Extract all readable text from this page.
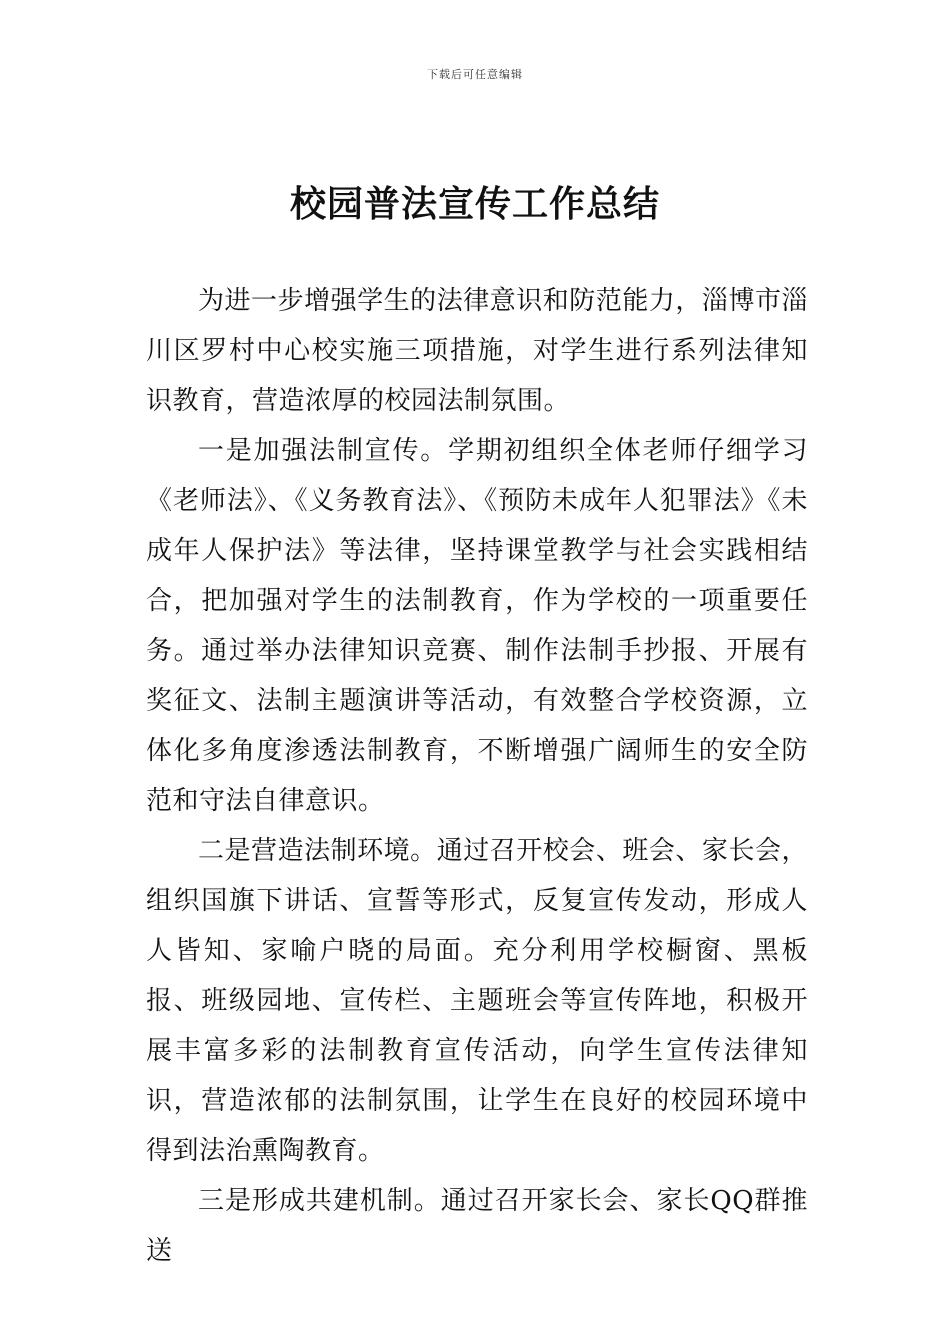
下载后可任意编辑
校园普法宣传工作总结

为进一步增强学生的法律意识和防范能力，淄博市淄川区罗村中心校实施三项措施，对学生进行系列法律知识教育，营造浓厚的校园法制氛围。

一是加强法制宣传。学期初组织全体老师仔细学习《老师法》、《义务教育法》、《预防未成年人犯罪法》《未成年人保护法》等法律，坚持课堂教学与社会实践相结合，把加强对学生的法制教育，作为学校的一项重要任务。通过举办法律知识竞赛、制作法制手抄报、开展有奖征文、法制主题演讲等活动，有效整合学校资源，立体化多角度渗透法制教育，不断增强广阔师生的安全防范和守法自律意识。

二是营造法制环境。通过召开校会、班会、家长会，组织国旗下讲话、宣誓等形式，反复宣传发动，形成人人皆知、家喻户晓的局面。充分利用学校橱窗、黑板报、班级园地、宣传栏、主题班会等宣传阵地，积极开展丰富多彩的法制教育宣传活动，向学生宣传法律知识，营造浓郁的法制氛围，让学生在良好的校园环境中得到法治熏陶教育。

三是形成共建机制。通过召开家长会、家长QQ群推送
